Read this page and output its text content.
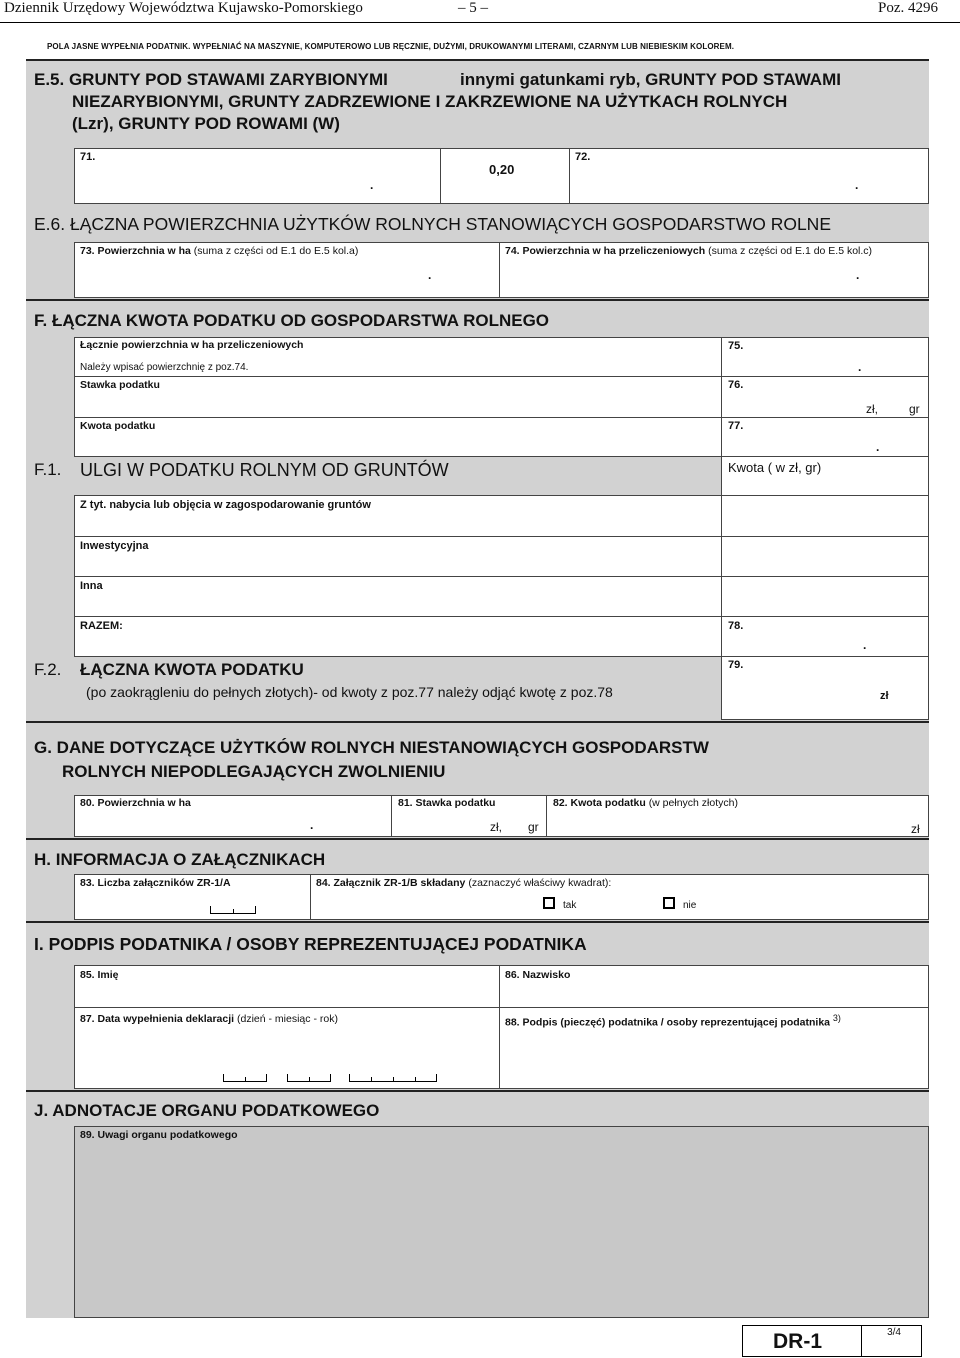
Dziennik Urzędowy Województwa Kujawsko-Pomorskiego	– 5 –	Poz. 4296
POLA JASNE WYPEŁNIA PODATNIK. WYPEŁNIAĆ NA MASZYNIE, KOMPUTEROWO LUB RĘCZNIE, DUŻYMI, DRUKOWANYMI LITERAMI, CZARNYM LUB NIEBIESKIM KOLOREM.
E.5. GRUNTY POD STAWAMI ZARYBIONYMI	innymi gatunkami ryb, GRUNTY POD STAWAMI
NIEZARYBIONYMI, GRUNTY ZADRZEWIONE I ZAKRZEWIONE NA UŻYTKACH ROLNYCH
(Lzr), GRUNTY POD ROWAMI (W)
71.
.
0,20
72.
.
E.6. ŁĄCZNA POWIERZCHNIA UŻYTKÓW ROLNYCH STANOWIĄCYCH GOSPODARSTWO ROLNE
73. Powierzchnia w ha (suma z części od E.1 do E.5 kol.a)
.
74. Powierzchnia w ha przeliczeniowych (suma z części od E.1 do E.5 kol.c)
.
F. ŁĄCZNA KWOTA PODATKU OD GOSPODARSTWA ROLNEGO
Łącznie powierzchnia w ha przeliczeniowych
Należy wpisać powierzchnię z poz.74.
75.
.
Stawka podatku	76.
zł,	gr
Kwota podatku	77.
.
F.1. ULGI W PODATKU ROLNYM OD GRUNTÓW	Kwota ( w zł, gr)
Z tyt. nabycia lub objęcia w zagospodarowanie gruntów
Inwestycyjna
Inna
RAZEM:	78.
.
F.2. ŁĄCZNA KWOTA PODATKU
(po zaokrągleniu do pełnych złotych)- od kwoty z poz.77 należy odjąć kwotę z poz.78
79.
zł
G. DANE DOTYCZĄCE UŻYTKÓW ROLNYCH NIESTANOWIĄCYCH GOSPODARSTW
ROLNYCH NIEPODLEGAJĄCYCH ZWOLNIENIU
80. Powierzchnia w ha
.
81. Stawka podatku
zł, gr
82. Kwota podatku (w pełnych złotych)
zł
H. INFORMACJA O ZAŁĄCZNIKACH
83. Liczba załączników ZR-1/A	84. Załącznik ZR-1/B składany (zaznaczyć właściwy kwadrat):
tak	nie
I. PODPIS PODATNIKA / OSOBY REPREZENTUJĄCEJ PODATNIKA
85. Imię	86. Nazwisko
87. Data wypełnienia deklaracji (dzień - miesiąc - rok)	88. Podpis (pieczęć) podatnika / osoby reprezentującej podatnika $^{3)}$
J. ADNOTACJE ORGANU PODATKOWEGO
89. Uwagi organu podatkowego
DR-1	3/4
